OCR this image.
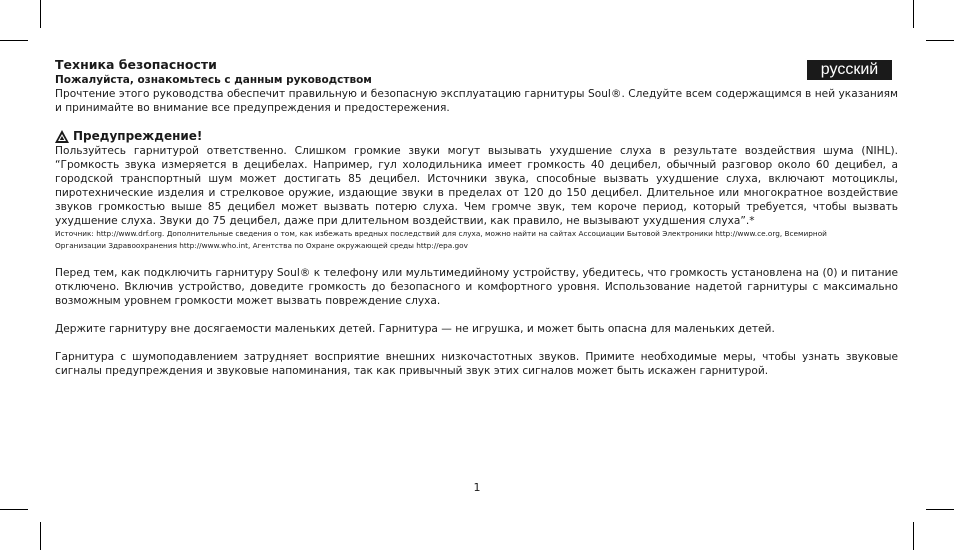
русский

Техника безопасности

Пожалуйста, ознакомьтесь с данным руководством

Прочтение этого руководства обеспечит правильную и безопасную эксплуатацию гарнитуры Soul®. Следуйте всем содержащимся в ней указаниям и принимайте во внимание все предупреждения и предостережения.

Предупреждение!

Пользуйтесь гарнитурой ответственно. Слишком громкие звуки могут вызывать ухудшение слуха в результате воздействия шума (NIHL). “Громкость звука измеряется в децибелах. Например, гул холодильника имеет громкость 40 децибел, обычный разговор около 60 децибел, а городской транспортный шум может достигать 85 децибел. Источники звука, способные вызвать ухудшение слуха, включают мотоциклы, пиротехнические изделия и стрелковое оружие, издающие звуки в пределах от 120 до 150 децибел. Длительное или многократное воздействие звуков громкостью выше 85 децибел может вызвать потерю слуха. Чем громче звук, тем короче период, который требуется, чтобы вызвать ухудшение слуха. Звуки до 75 децибел, даже при длительном воздействии, как правило, не вызывают ухудшения слуха”.*

Источник: http://www.drf.org. Дополнительные сведения о том, как избежать вредных последствий для слуха, можно найти на сайтах Ассоциации Бытовой Электроники http://www.ce.org, Всемирной

Организации Здравоохранения http://www.who.int, Агентства по Охране окружающей среды http://epa.gov

Перед тем, как подключить гарнитуру Soul® к телефону или мультимедийному устройству, убедитесь, что громкость установлена на (0) и питание отключено. Включив устройство, доведите громкость до безопасного и комфортного уровня. Использование надетой гарнитуры с максимально возможным уровнем громкости может вызвать повреждение слуха.

Держите гарнитуру вне досягаемости маленьких детей. Гарнитура — не игрушка, и может быть опасна для маленьких детей.

Гарнитура с шумоподавлением затрудняет восприятие внешних низкочастотных звуков. Примите необходимые меры, чтобы узнать звуковые сигналы предупреждения и звуковые напоминания, так как привычный звук этих сигналов может быть искажен гарнитурой.

1
